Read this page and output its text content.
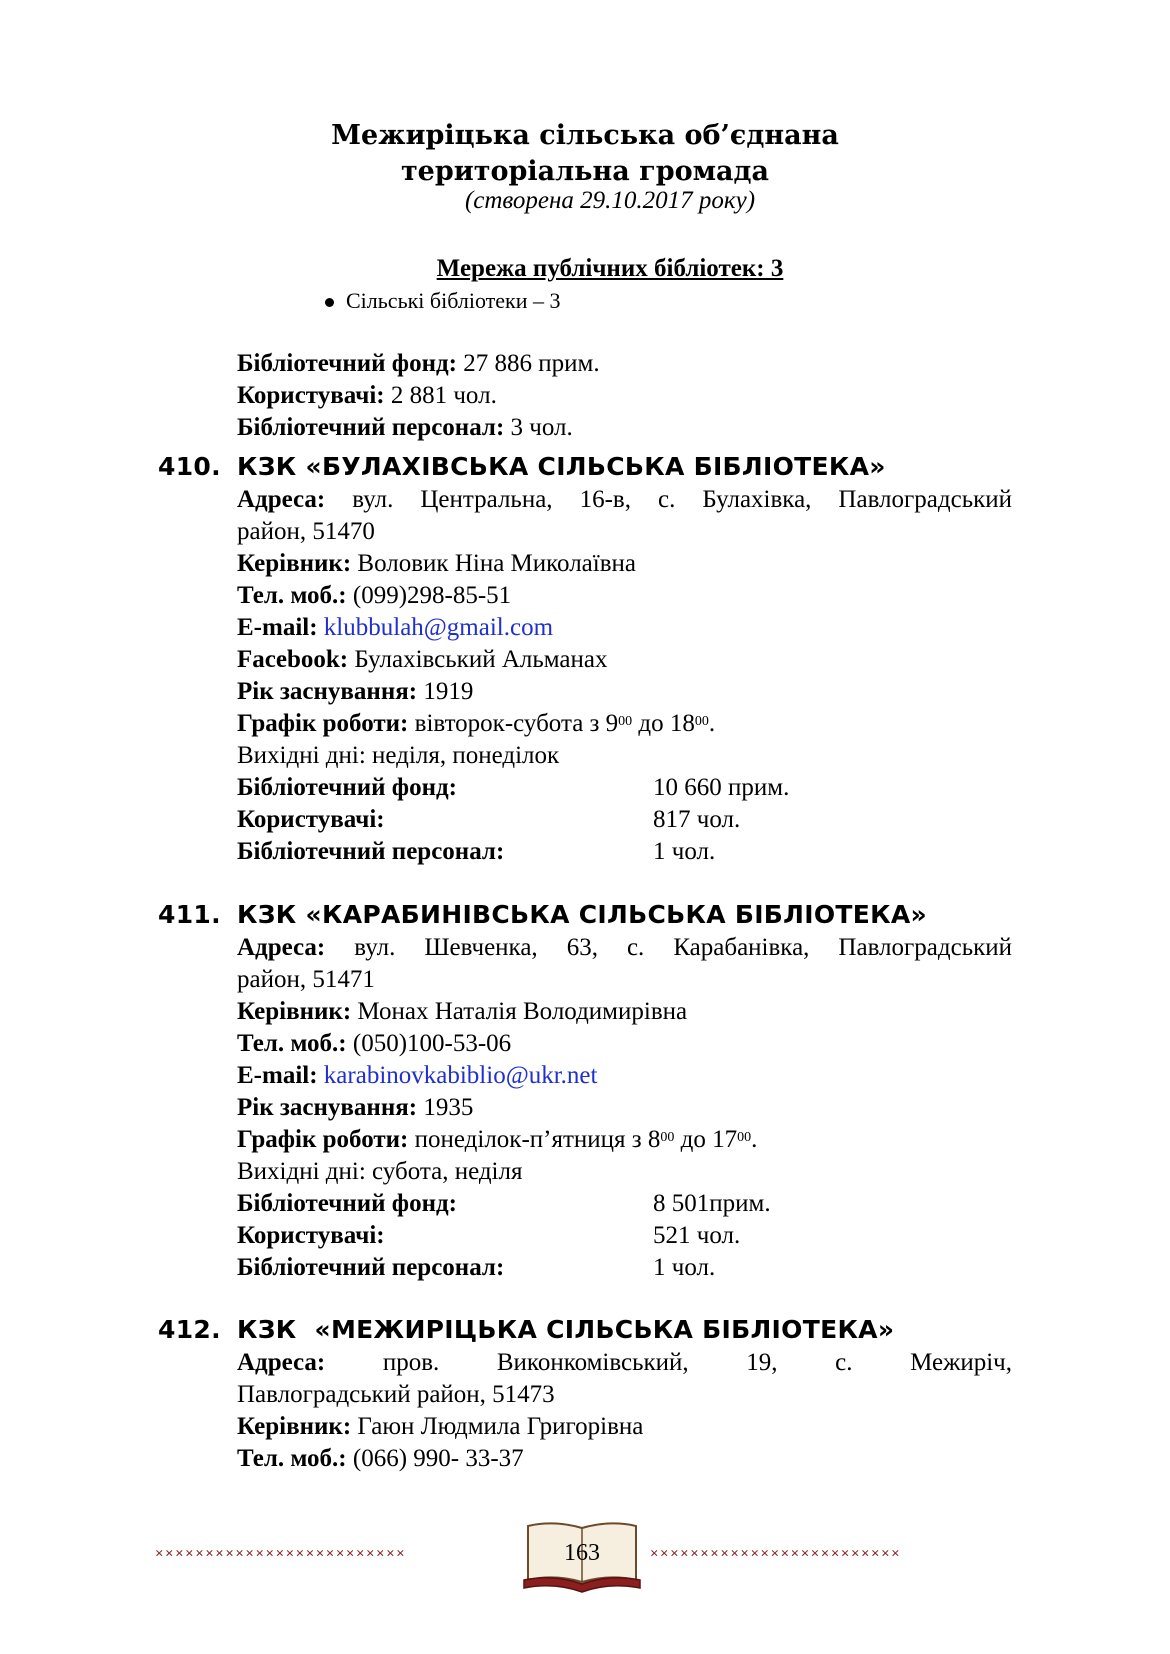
Межиріцька сільська об’єднана
територіальна громада
(створена 29.10.2017 року)
Мережа публічних бібліотек: 3
Сільські бібліотеки – 3
Бібліотечний фонд: 27 886 прим.
Користувачі: 2 881 чол.
Бібліотечний персонал: 3 чол.
410. КЗК «БУЛАХІВСЬКА СІЛЬСЬКА БІБЛІОТЕКА»
Адреса: вул. Центральна, 16-в, с. Булахівка, Павлоградський
район, 51470
Керівник: Воловик Ніна Миколаївна
Тел. моб.: (099)298-85-51
E-mail: klubbulah@gmail.com
Facebook: Булахівський Альманах
Рік заснування: 1919
Графік роботи: вівторок-субота з $9^{00}$ до $18^{00}$.
Вихідні дні: неділя, понеділок
Бібліотечний фонд:	10 660 прим.
Користувачі:	817 чол.
Бібліотечний персонал:	1 чол.
411. КЗК «КАРАБИНІВСЬКА СІЛЬСЬКА БІБЛІОТЕКА»
Адреса: вул. Шевченка, 63, с. Карабанівка, Павлоградський
район, 51471
Керівник: Монах Наталія Володимирівна
Тел. моб.: (050)100-53-06
E-mail: karabinovkabiblio@ukr.net
Рік заснування: 1935
Графік роботи: понеділок-п’ятниця з $8^{00}$ до $17^{00}$.
Вихідні дні: субота, неділя
Бібліотечний фонд:	8 501прим.
Користувачі:	521 чол.
Бібліотечний персонал:	1 чол.
412. КЗК  «МЕЖИРІЦЬКА СІЛЬСЬКА БІБЛІОТЕКА»
Адреса: пров. Виконкомівський, 19, с. Межиріч,
Павлоградський район, 51473
Керівник: Гаюн Людмила Григорівна
Тел. моб.: (066) 990- 33-37
×××××××××××××××××××××××××	163	×××××××××××××××××××××××××
